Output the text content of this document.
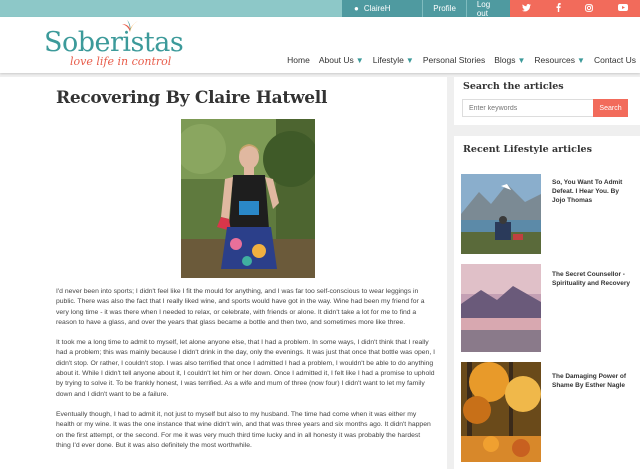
● ClaireH	Profile	Log out
Soberistas
love life in control	Home About Us ▼ Lifestyle ▼ Personal Stories Blogs ▼ Resources ▼ Contact Us
Recovering By Claire Hatwell

I'd never been into sports; I didn't feel like I fit the mould for anything, and I was far too self-conscious to wear leggings in public. There was also the fact that I really liked wine, and sports would have got in the way. Wine had been my friend for a very long time - it was there when I needed to relax, or celebrate, with friends or alone. It didn't take a lot for me to find a reason to have a glass, and over the years that glass became a bottle and then two, and sometimes more like three.

It took me a long time to admit to myself, let alone anyone else, that I had a problem. In some ways, I didn't think that I really had a problem; this was mainly because I didn't drink in the day, only the evenings. It was just that once that bottle was open, I didn't stop. Or rather, I couldn't stop. I was also terrified that once I admitted I had a problem, I wouldn't be able to do anything about it. While I didn't tell anyone about it, I couldn't let him or her down. Once I admitted it, I felt like I had a promise to uphold by trying to solve it. To be frankly honest, I was terrified. As a wife and mum of three (now four) I didn't want to let my family down and I didn't want to be a failure.

Eventually though, I had to admit it, not just to myself but also to my husband. The time had come when it was either my health or my wine. It was the one instance that wine didn't win, and that was three years and six months ago. It didn't happen on the first attempt, or the second. For me it was very much third time lucky and in all honesty it was probably the hardest thing I'd ever done. But it was also definitely the most worthwhile.

Search the articles
Enter keywords
Search
Recent Lifestyle articles
So, You Want To Admit Defeat. I Hear You. By Jojo Thomas
The Secret Counsellor - Spirituality and Recovery
The Damaging Power of Shame By Esther Nagle
